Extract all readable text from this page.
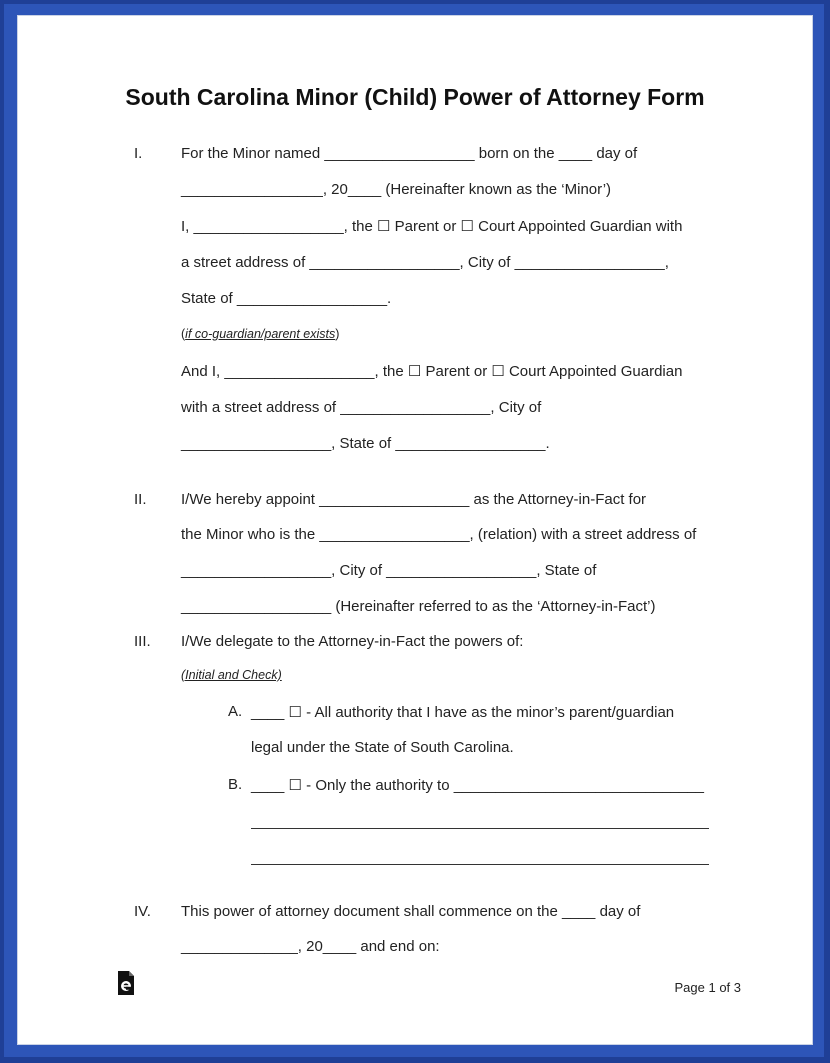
South Carolina Minor (Child) Power of Attorney Form
I.	For the Minor named __________________ born on the ____ day of
_________________, 20____ (Hereinafter known as the ‘Minor’)
I, __________________, the ☐ Parent or ☐ Court Appointed Guardian with
a street address of __________________, City of __________________,
State of __________________.
(if co-guardian/parent exists)
And I, __________________, the ☐ Parent or ☐ Court Appointed Guardian
with a street address of __________________, City of
__________________, State of __________________.
II. I/We hereby appoint __________________ as the Attorney-in-Fact for
the Minor who is the __________________, (relation) with a street address of
__________________, City of __________________, State of
__________________ (Hereinafter referred to as the ‘Attorney-in-Fact’)
III. I/We delegate to the Attorney-in-Fact the powers of:
(Initial and Check)
A. ____ ☐ - All authority that I have as the minor’s parent/guardian
legal under the State of South Carolina.
B. ____ ☐ - Only the authority to ______________________________
IV. This power of attorney document shall commence on the ____ day of
______________, 20____ and end on:
Page 1 of 3
